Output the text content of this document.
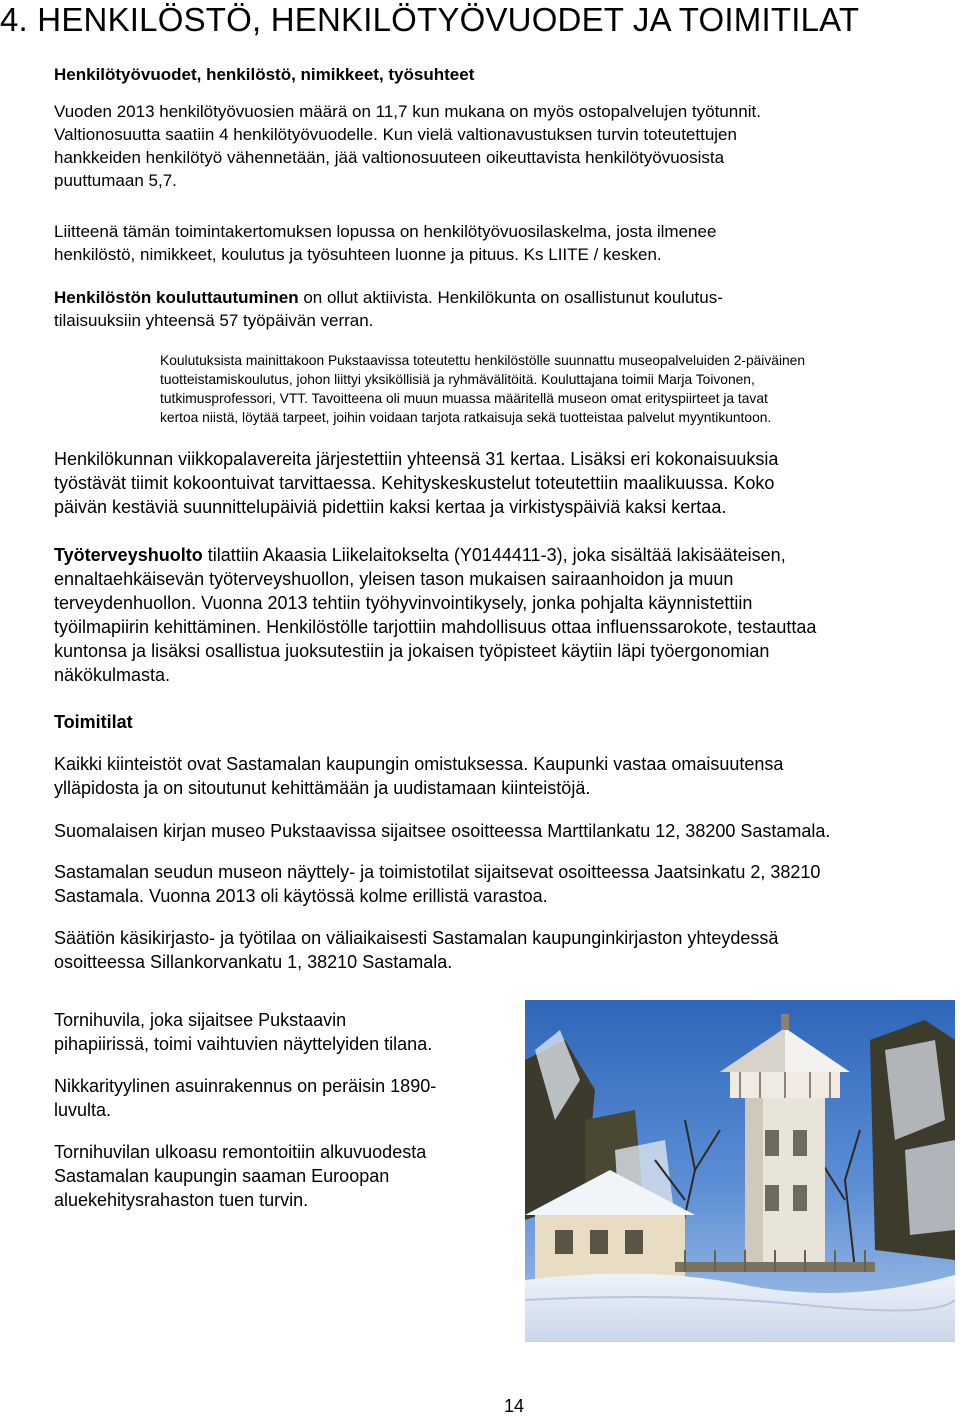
4. HENKILÖSTÖ, HENKILÖTYÖVUODET JA TOIMITILAT
Henkilötyövuodet, henkilöstö, nimikkeet, työsuhteet
Vuoden 2013 henkilötyövuosien määrä on 11,7 kun mukana on myös ostopalvelujen työtunnit.
Valtionosuutta saatiin 4 henkilötyövuodelle. Kun vielä valtionavustuksen turvin toteutettujen
hankkeiden henkilötyö vähennetään, jää valtionosuuteen oikeuttavista henkilötyövuosista
puuttumaan 5,7.
Liitteenä tämän toimintakertomuksen lopussa on henkilötyövuosilaskelma, josta ilmenee
henkilöstö, nimikkeet, koulutus ja työsuhteen luonne ja pituus. Ks LIITE / kesken.
Henkilöstön kouluttautuminen on ollut aktiivista. Henkilökunta on osallistunut koulutus-
tilaisuuksiin yhteensä 57 työpäivän verran.
Koulutuksista mainittakoon Pukstaavissa toteutettu henkilöstölle suunnattu museopalveluiden 2-päiväinen
tuotteistamiskoulutus, johon liittyi yksiköllisiä ja ryhmävälitöitä. Kouluttajana toimii Marja Toivonen,
tutkimusprofessori, VTT. Tavoitteena oli muun muassa määritellä museon omat erityspiirteet ja tavat
kertoa niistä, löytää tarpeet, joihin voidaan tarjota ratkaisuja sekä tuotteistaa palvelut myyntikuntoon.
Henkilökunnan viikkopalavereita järjestettiin yhteensä 31 kertaa. Lisäksi eri kokonaisuuksia
työstävät tiimit kokoontuivat tarvittaessa. Kehityskeskustelut toteutettiin maalikuussa. Koko
päivän kestäviä suunnittelupäiviä pidettiin kaksi kertaa ja virkistyspäiviä kaksi kertaa.
Työterveyshuolto tilattiin Akaasia Liikelaitokselta (Y0144411-3), joka sisältää lakisääteisen,
ennaltaehkäisevän työterveyshuollon, yleisen tason mukaisen sairaanhoidon ja muun
terveydenhuollon. Vuonna 2013 tehtiin työhyvinvointikysely, jonka pohjalta käynnistettiin
työilmapiirin kehittäminen. Henkilöstölle tarjottiin mahdollisuus ottaa influenssarokote, testauttaa
kuntonsa ja lisäksi osallistua juoksutestiin ja jokaisen työpisteet käytiin läpi työergonomian
näkökulmasta.
Toimitilat
Kaikki kiinteistöt ovat Sastamalan kaupungin omistuksessa. Kaupunki vastaa omaisuutensa
ylläpidosta ja on sitoutunut kehittämään ja uudistamaan kiinteistöjä.
Suomalaisen kirjan museo Pukstaavissa sijaitsee osoitteessa Marttilankatu 12, 38200 Sastamala.
Sastamalan seudun museon näyttely- ja toimistotilat sijaitsevat osoitteessa Jaatsinkatu 2, 38210
Sastamala. Vuonna 2013 oli käytössä kolme erillistä varastoa.
Säätiön käsikirjasto- ja työtilaa on väliaikaisesti Sastamalan kaupunginkirjaston yhteydessä
osoitteessa Sillankorvankatu 1, 38210 Sastamala.
Tornihuvila, joka sijaitsee Pukstaavin
pihapiirissä, toimi vaihtuvien näyttelyiden tilana.
Nikkarityylinen asuinrakennus on peräisin 1890-
luvulta.
Tornihuvilan ulkoasu remontoitiin alkuvuodesta
Sastamalan kaupungin saaman Euroopan
aluekehitysrahaston tuen turvin.
14
